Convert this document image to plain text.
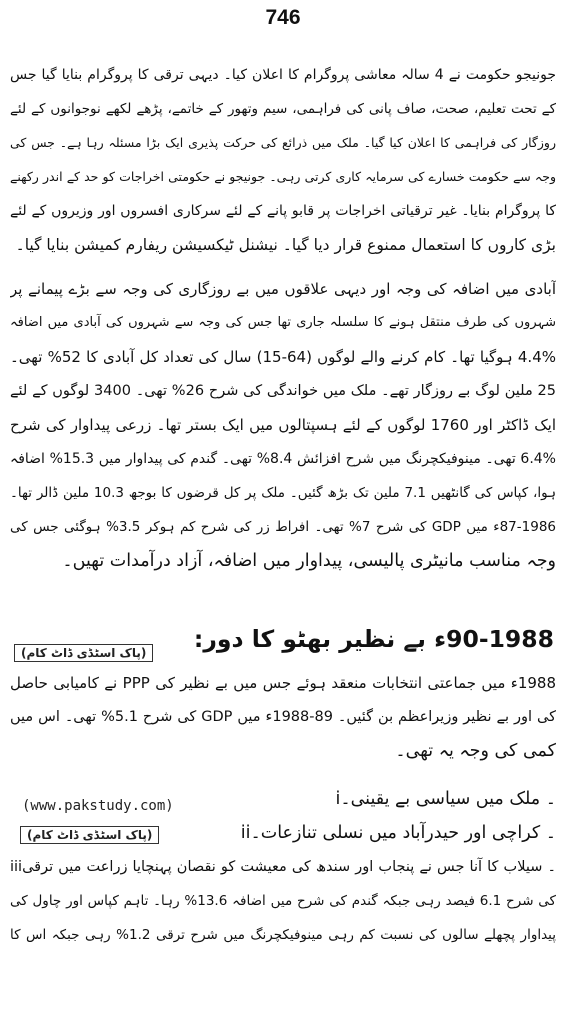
746
جونیجو حکومت نے 4 سالہ معاشی پروگرام کا اعلان کیا۔ دیہی ترقی کا پروگرام بنایا گیا جس
کے تحت تعلیم، صحت، صاف پانی کی فراہمی، سیم وتھور کے خاتمے، پڑھے لکھے نوجوانوں کے لئے
روزگار کی فراہمی کا اعلان کیا گیا۔ ملک میں ذرائع کی حرکت پذیری ایک بڑا مسئلہ رہا ہے۔ جس کی
وجہ سے حکومت خسارے کی سرمایہ کاری کرتی رہی۔ جونیجو نے حکومتی اخراجات کو حد کے اندر رکھنے
کا پروگرام بنایا۔ غیر ترقیاتی اخراجات پر قابو پانے کے لئے سرکاری افسروں اور وزیروں کے لئے
بڑی کاروں کا استعمال ممنوع قرار دیا گیا۔ نیشنل ٹیکسیشن ریفارم کمیشن بنایا گیا۔
آبادی میں اضافہ کی وجہ اور دیہی علاقوں میں بے روزگاری کی وجہ سے بڑے پیمانے پر
شہروں کی طرف منتقل ہونے کا سلسلہ جاری تھا جس کی وجہ سے شہروں کی آبادی میں اضافہ
4.4% ہوگیا تھا۔ کام کرنے والے لوگوں (64-15) سال کی تعداد کل آبادی کا 52% تھی۔
25 ملین لوگ بے روزگار تھے۔ ملک میں خواندگی کی شرح 26% تھی۔ 3400 لوگوں کے لئے
ایک ڈاکٹر اور 1760 لوگوں کے لئے ہسپتالوں میں ایک بستر تھا۔ زرعی پیداوار کی شرح
6.4% تھی۔ مینوفیکچرنگ میں شرح افزائش 8.4% تھی۔ گندم کی پیداوار میں 15.3% اضافہ
ہوا، کپاس کی گانٹھیں 7.1 ملین تک بڑھ گئیں۔ ملک پر کل قرضوں کا بوجھ 10.3 ملین ڈالر تھا۔
87-1986ء میں GDP کی شرح 7% تھی۔ افراط زر کی شرح کم ہوکر 3.5% ہوگئی جس کی
وجہ مناسب مانیٹری پالیسی، پیداوار میں اضافہ، آزاد درآمدات تھیں۔
90-1988ء بے نظیر بھٹو کا دور:
(پاک اسٹڈی ڈاٹ کام)
1988ء میں جماعتی انتخابات منعقد ہوئے جس میں بے نظیر کی PPP نے کامیابی حاصل
کی اور بے نظیر وزیراعظم بن گئیں۔ 89-1988ء میں GDP کی شرح 5.1% تھی۔ اس میں
کمی کی وجہ یہ تھی۔
i۔ ملک میں سیاسی بے یقینی۔
ii۔ کراچی اور حیدرآباد میں نسلی تنازعات۔
(www.pakstudy.com)
(پاک اسٹڈی ڈاٹ کام)
iii۔ سیلاب کا آنا جس نے پنجاب اور سندھ کی معیشت کو نقصان پہنچایا زراعت میں ترقی
کی شرح 6.1 فیصد رہی جبکہ گندم کی شرح میں اضافہ 13.6% رہا۔ تاہم کپاس اور چاول کی
پیداوار پچھلے سالوں کی نسبت کم رہی مینوفیکچرنگ میں شرح ترقی 1.2% رہی جبکہ اس کا
